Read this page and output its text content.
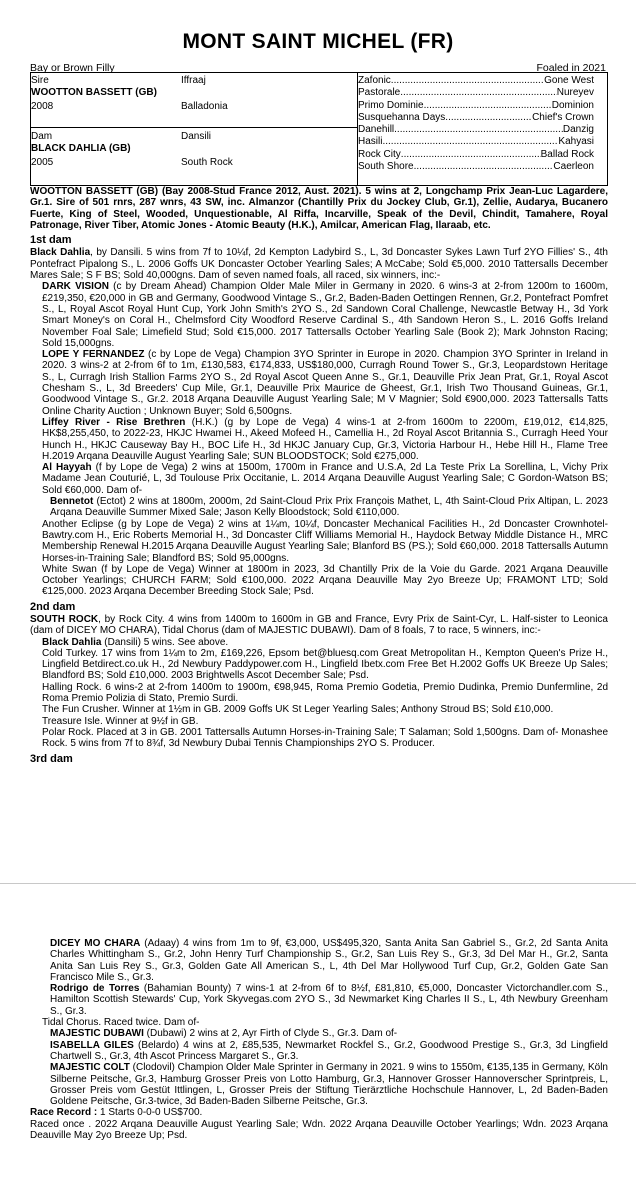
MONT SAINT MICHEL (FR)
Bay or Brown Filly	Foaled in 2021
Sire	Iffraaj
WOOTTON BASSETT (GB)
2008	Balladonia
Dam	Dansili
BLACK DAHLIA (GB)
2005	South Rock
Zafonic .....	Gone West
Pastorale .....	Nureyev
Primo Dominie .....	Dominion
Susquehanna Days .....	Chief's Crown
Danehill .....	Danzig
Hasili .....	Kahyasi
Rock City .....	Ballad Rock
South Shore .....	Caerleon

WOOTTON BASSETT (GB) (Bay 2008-Stud France 2012, Aust. 2021). 5 wins at 2, Longchamp Prix Jean-Luc Lagardere, Gr.1. Sire of 501 rnrs, 287 wnrs, 43 SW, inc. Almanzor (Chantilly Prix du Jockey Club, Gr.1), Zellie, Audarya, Bucanero Fuerte, King of Steel, Wooded, Unquestionable, Al Riffa, Incarville, Speak of the Devil, Chindit, Tamahere, Royal Patronage, River Tiber, Atomic Jones - Atomic Beauty (H.K.), Amilcar, American Flag, Ilaraab, etc.

1st dam

Black Dahlia, by Dansili. 5 wins from 7f to 10¼f, 2d Kempton Ladybird S., L, 3d Doncaster Sykes Lawn Turf 2YO Fillies' S., 4th Pontefract Pipalong S., L. 2006 Goffs UK Doncaster October Yearling Sales; A McCabe; Sold €5,000. 2010 Tattersalls December Mares Sale; S F BS; Sold 40,000gns. Dam of seven named foals, all raced, six winners, inc:-

DARK VISION (c by Dream Ahead) Champion Older Male Miler in Germany in 2020. 6 wins-3 at 2-from 1200m to 1600m, £219,350, €20,000 in GB and Germany, Goodwood Vintage S., Gr.2, Baden-Baden Oettingen Rennen, Gr.2, Pontefract Pomfret S., L, Royal Ascot Royal Hunt Cup, York John Smith's 2YO S., 2d Sandown Coral Challenge, Newcastle Betway H., 3d York Smart Money's on Coral H., Chelmsford City Woodford Reserve Cardinal S., 4th Sandown Heron S., L. 2016 Goffs Ireland November Foal Sale; Limefield Stud; Sold €15,000. 2017 Tattersalls October Yearling Sale (Book 2); Mark Johnston Racing; Sold 15,000gns.

LOPE Y FERNANDEZ (c by Lope de Vega) Champion 3YO Sprinter in Europe in 2020. Champion 3YO Sprinter in Ireland in 2020. 3 wins-2 at 2-from 6f to 1m, £130,583, €174,833, US$180,000, Curragh Round Tower S., Gr.3, Leopardstown Heritage S., L, Curragh Irish Stallion Farms 2YO S., 2d Royal Ascot Queen Anne S., Gr.1, Deauville Prix Jean Prat, Gr.1, Royal Ascot Chesham S., L, 3d Breeders' Cup Mile, Gr.1, Deauville Prix Maurice de Gheest, Gr.1, Irish Two Thousand Guineas, Gr.1, Goodwood Vintage S., Gr.2. 2018 Arqana Deauville August Yearling Sale; M V Magnier; Sold €900,000. 2023 Tattersalls Tatts Online Charity Auction ; Unknown Buyer; Sold 6,500gns.

Liffey River - Rise Brethren (H.K.) (g by Lope de Vega) 4 wins-1 at 2-from 1600m to 2200m, £19,012, €14,825, HK$8,255,450, to 2022-23, HKJC Hwamei H., Akeed Mofeed H., Camellia H., 2d Royal Ascot Britannia S., Curragh Heed Your Hunch H., HKJC Causeway Bay H., BOC Life H., 3d HKJC January Cup, Gr.3, Victoria Harbour H., Hebe Hill H., Flame Tree H.2019 Arqana Deauville August Yearling Sale; SUN BLOODSTOCK; Sold €275,000.

Al Hayyah (f by Lope de Vega) 2 wins at 1500m, 1700m in France and U.S.A, 2d La Teste Prix La Sorellina, L, Vichy Prix Madame Jean Couturié, L, 3d Toulouse Prix Occitanie, L. 2014 Arqana Deauville August Yearling Sale; C Gordon-Watson BS; Sold €60,000. Dam of-

Bennetot (Ectot) 2 wins at 1800m, 2000m, 2d Saint-Cloud Prix Prix François Mathet, L, 4th Saint-Cloud Prix Altipan, L. 2023 Arqana Deauville Summer Mixed Sale; Jason Kelly Bloodstock; Sold €110,000.

Another Eclipse (g by Lope de Vega) 2 wins at 1¼m, 10¼f, Doncaster Mechanical Facilities H., 2d Doncaster Crownhotel-Bawtry.com H., Eric Roberts Memorial H., 3d Doncaster Cliff Williams Memorial H., Haydock Betway Middle Distance H., MRC Membership Renewal H.2015 Arqana Deauville August Yearling Sale; Blanford BS (PS.); Sold €60,000. 2018 Tattersalls Autumn Horses-in-Training Sale; Blandford BS; Sold 95,000gns.

White Swan (f by Lope de Vega) Winner at 1800m in 2023, 3d Chantilly Prix de la Voie du Garde. 2021 Arqana Deauville October Yearlings; CHURCH FARM; Sold €100,000. 2022 Arqana Deauville May 2yo Breeze Up; FRAMONT LTD; Sold €125,000. 2023 Arqana December Breeding Stock Sale; Psd.

2nd dam

SOUTH ROCK, by Rock City. 4 wins from 1400m to 1600m in GB and France, Evry Prix de Saint-Cyr, L. Half-sister to Leonica (dam of DICEY MO CHARA), Tidal Chorus (dam of MAJESTIC DUBAWI). Dam of 8 foals, 7 to race, 5 winners, inc:-

Black Dahlia (Dansili) 5 wins. See above.

Cold Turkey. 17 wins from 1¼m to 2m, £169,226, Epsom bet@bluesq.com Great Metropolitan H., Kempton Queen's Prize H., Lingfield Betdirect.co.uk H., 2d Newbury Paddypower.com H., Lingfield Ibetx.com Free Bet H.2002 Goffs UK Breeze Up Sales; Blandford BS; Sold £10,000. 2003 Brightwells Ascot December Sale; Psd.

Halling Rock. 6 wins-2 at 2-from 1400m to 1900m, €98,945, Roma Premio Godetia, Premio Dudinka, Premio Dunfermline, 2d Roma Premio Polizia di Stato, Premio Surdi.

The Fun Crusher. Winner at 1½m in GB. 2009 Goffs UK St Leger Yearling Sales; Anthony Stroud BS; Sold £10,000.

Treasure Isle. Winner at 9½f in GB.

Polar Rock. Placed at 3 in GB. 2001 Tattersalls Autumn Horses-in-Training Sale; T Salaman; Sold 1,500gns. Dam of- Monashee Rock. 5 wins from 7f to 8¾f, 3d Newbury Dubai Tennis Championships 2YO S. Producer.

3rd dam

DICEY MO CHARA (Adaay) 4 wins from 1m to 9f, €3,000, US$495,320, Santa Anita San Gabriel S., Gr.2, 2d Santa Anita Charles Whittingham S., Gr.2, John Henry Turf Championship S., Gr.2, San Luis Rey S., Gr.3, 3d Del Mar H., Gr.2, Santa Anita San Luis Rey S., Gr.3, Golden Gate All American S., L, 4th Del Mar Hollywood Turf Cup, Gr.2, Golden Gate San Francisco Mile S., Gr.3.

Rodrigo de Torres (Bahamian Bounty) 7 wins-1 at 2-from 6f to 8½f, £81,810, €5,000, Doncaster Victorchandler.com S., Hamilton Scottish Stewards' Cup, York Skyvegas.com 2YO S., 3d Newmarket King Charles II S., L, 4th Newbury Greenham S., Gr.3.

Tidal Chorus. Raced twice. Dam of-

MAJESTIC DUBAWI (Dubawi) 2 wins at 2, Ayr Firth of Clyde S., Gr.3. Dam of-

ISABELLA GILES (Belardo) 4 wins at 2, £85,535, Newmarket Rockfel S., Gr.2, Goodwood Prestige S., Gr.3, 3d Lingfield Chartwell S., Gr.3, 4th Ascot Princess Margaret S., Gr.3.

MAJESTIC COLT (Clodovil) Champion Older Male Sprinter in Germany in 2021. 9 wins to 1550m, €135,135 in Germany, Köln Silberne Peitsche, Gr.3, Hamburg Grosser Preis von Lotto Hamburg, Gr.3, Hannover Grosser Hannoverscher Sprintpreis, L, Grosser Preis vom Gestüt Ittlingen, L, Grosser Preis der Stiftung Tierärztliche Hochschule Hannover, L, 2d Baden-Baden Goldene Peitsche, Gr.3-twice, 3d Baden-Baden Silberne Peitsche, Gr.3.

Race Record : 1 Starts 0-0-0 US$700.

Raced once . 2022 Arqana Deauville August Yearling Sale; Wdn. 2022 Arqana Deauville October Yearlings; Wdn. 2023 Arqana Deauville May 2yo Breeze Up; Psd.
